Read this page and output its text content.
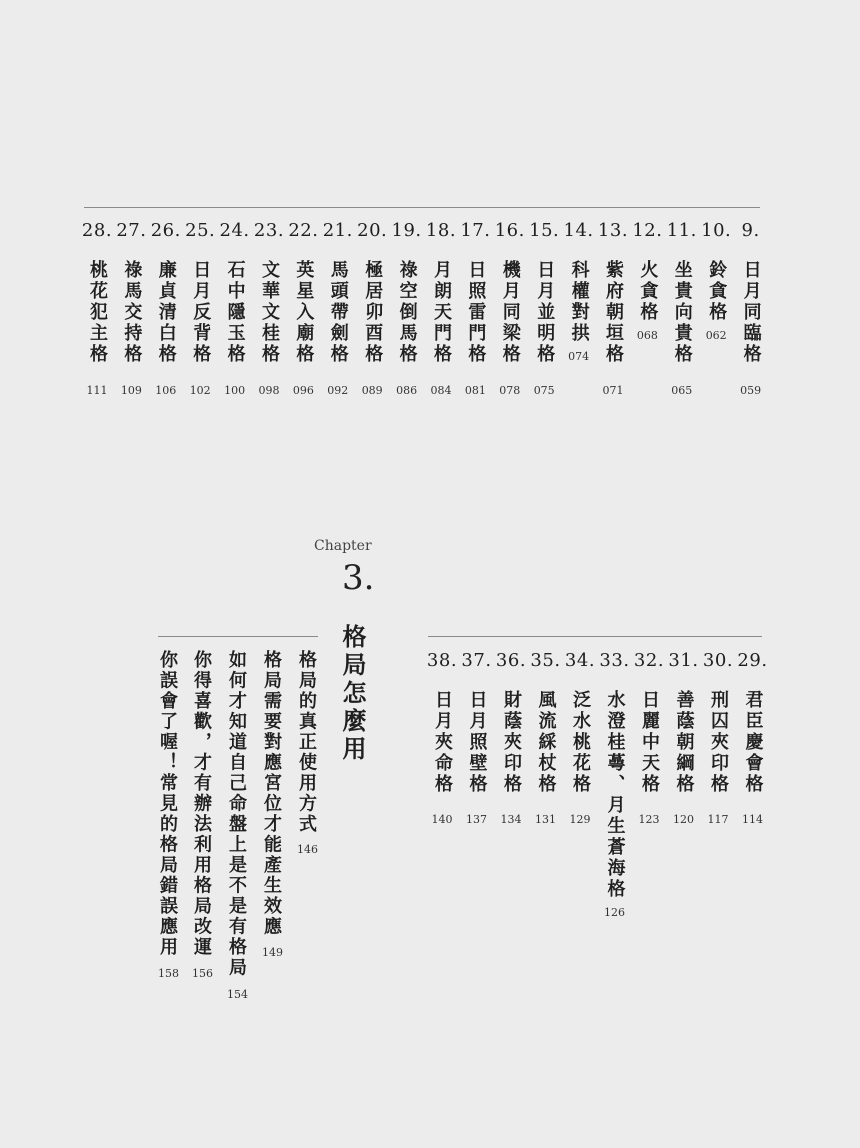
28.
桃花犯主格
111
27.
祿馬交持格
109
26.
廉貞清白格
106
25.
日月反背格
102
24.
石中隱玉格
100
23.
文華文桂格
098
22.
英星入廟格
096
21.
馬頭帶劍格
092
20.
極居卯酉格
089
19.
祿空倒馬格
086
18.
月朗天門格
084
17.
日照雷門格
081
16.
機月同梁格
078
15.
日月並明格
075
14.
科權對拱
074
13.
紫府朝垣格
071
12.
火貪格
068
11.
坐貴向貴格
065
10.
鈴貪格
062
9.
日月同臨格
059
Chapter
3.
格局怎麼用	38.
日月夾命格
140
37.
日月照壁格
137
36.
財蔭夾印格
134
35.
風流綵杖格
131
34.
泛水桃花格
129
33.
水澄桂蕚、月生蒼海格
126
32.
日麗中天格
123
31.
善蔭朝綱格
120
30.
刑囚夾印格
117
29.
君臣慶會格
114
格局的真正使用方式
146
格局需要對應宮位才能產生效應
149
如何才知道自己命盤上是不是有格局
154
你得喜歡，才有辦法利用格局改運
156
你誤會了喔！常見的格局錯誤應用
158
